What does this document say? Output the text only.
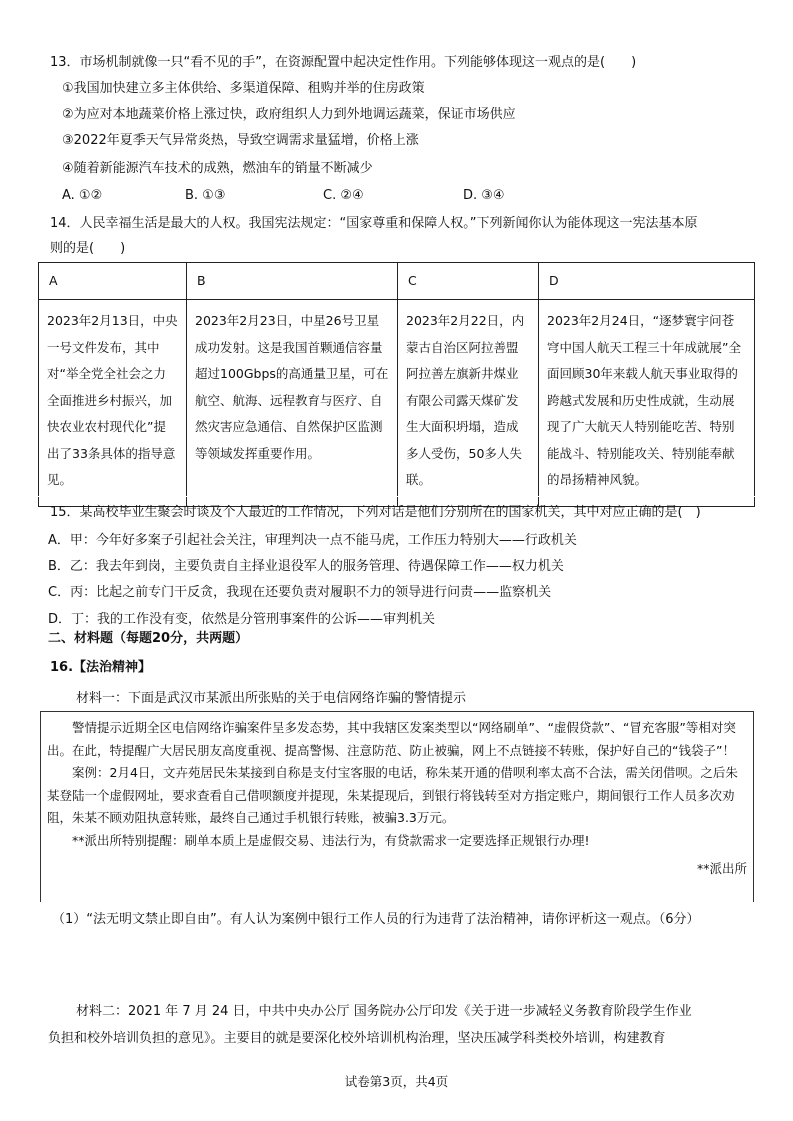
13．市场机制就像一只“看不见的手”，在资源配置中起决定性作用。下列能够体现这一观点的是(　　)
①我国加快建立多主体供给、多渠道保障、租购并举的住房政策
②为应对本地蔬菜价格上涨过快，政府组织人力到外地调运蔬菜，保证市场供应
③2022年夏季天气异常炎热，导致空调需求量猛增，价格上涨
④随着新能源汽车技术的成熟，燃油车的销量不断减少
A. ①②	B. ①③	C. ②④	D. ③④
14．人民幸福生活是最大的人权。我国宪法规定：“国家尊重和保障人权。”下列新闻你认为能体现这一宪法基本原
则的是(　　)
A	B	C	D

2023年2月13日，中央一号文件发布，其中对“举全党全社会之力全面推进乡村振兴，加快农业农村现代化”提出了33条具体的指导意见。	2023年2月23日，中星26号卫星成功发射。这是我国首颗通信容量超过100Gbps的高通量卫星，可在航空、航海、远程教育与医疗、自然灾害应急通信、自然保护区监测等领域发挥重要作用。	2023年2月22日，内蒙古自治区阿拉善盟阿拉善左旗新井煤业有限公司露天煤矿发生大面积坍塌，造成多人受伤，50多人失联。	2023年2月24日，“逐梦寰宇问苍穹中国人航天工程三十年成就展”全面回顾30年来载人航天事业取得的跨越式发展和历史性成就，生动展现了广大航天人特别能吃苦、特别能战斗、特别能攻关、特别能奉献的昂扬精神风貌。
15．某高校毕业生聚会时谈及个人最近的工作情况，下列对话是他们分别所在的国家机关，其中对应正确的是(　)
A．甲：今年好多案子引起社会关注，审理判决一点不能马虎，工作压力特别大——行政机关
B．乙：我去年到岗，主要负责自主择业退役军人的服务管理、待遇保障工作——权力机关
C．丙：比起之前专门干反贪，我现在还要负责对履职不力的领导进行问责——监察机关
D．丁：我的工作没有变，依然是分管刑事案件的公诉——审判机关
二、材料题（每题20分，共两题）
16.【法治精神】
材料一：下面是武汉市某派出所张贴的关于电信网络诈骗的警情提示

警情提示近期全区电信网络诈骗案件呈多发态势，其中我辖区发案类型以“网络刷单”、“虚假贷款”、“冒充客服”等相对突出。在此，特提醒广大居民朋友高度重视、提高警惕、注意防范、防止被骗，网上不点链接不转账，保护好自己的“钱袋子”！

案例：2月4日，文卉苑居民朱某接到自称是支付宝客服的电话，称朱某开通的借呗利率太高不合法，需关闭借呗。之后朱某登陆一个虚假网址，要求查看自己借呗额度并提现，朱某提现后，到银行将钱转至对方指定账户，期间银行工作人员多次劝阻，朱某不顾劝阻执意转账，最终自己通过手机银行转账，被骗3.3万元。

**派出所特别提醒：刷单本质上是虚假交易、违法行为，有贷款需求一定要选择正规银行办理!

**派出所

（1）“法无明文禁止即自由”。有人认为案例中银行工作人员的行为违背了法治精神，请你评析这一观点。（6分）
材料二：2021 年 7 月 24 日，中共中央办公厅 国务院办公厅印发《关于进一步减轻义务教育阶段学生作业
负担和校外培训负担的意见》。主要目的就是要深化校外培训机构治理，坚决压减学科类校外培训，构建教育
试卷第3页，共4页
